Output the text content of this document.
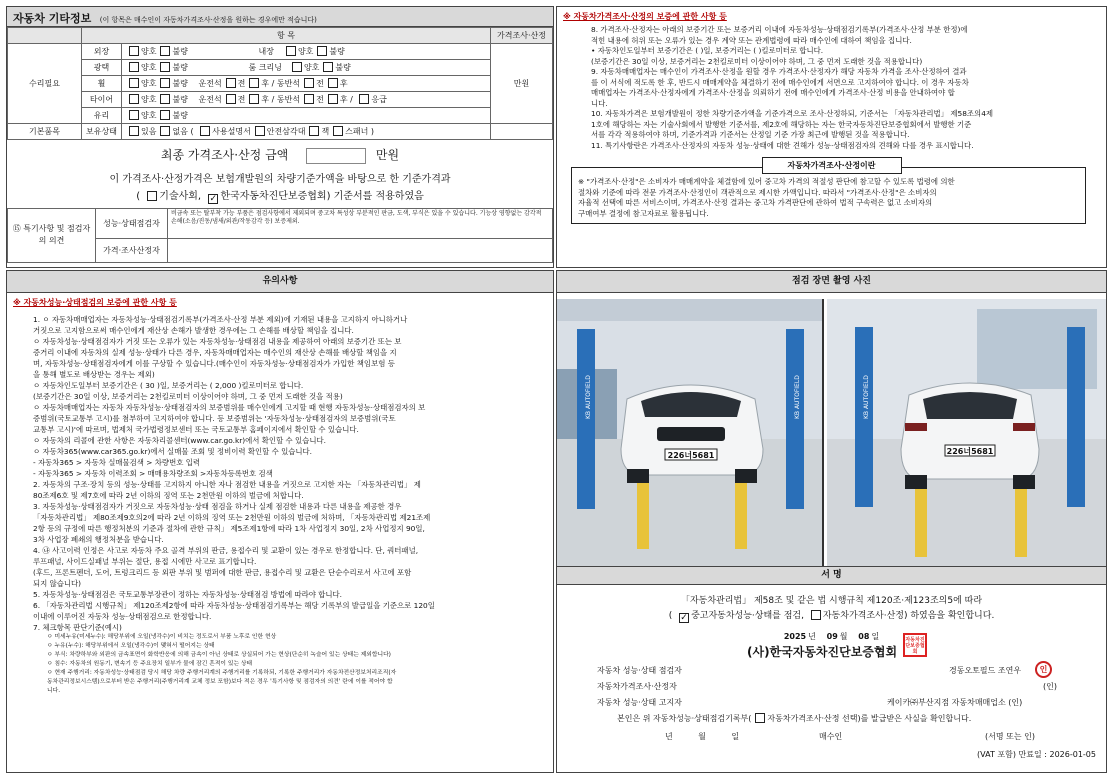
자동차 기타정보 (이 항목은 매수인이 자동차가격조사·산정을 원하는 경우에만 적습니다)
	항 목		가격조사·산정
수리필요	외장	양호 불량 내장 양호 불량	만원
	광택	양호 불량 룸 크리닝 양호 불량	
	휠	양호 불량 운전석 전 후 / 동반석 전 후	
	타이어	양호 불량 운전석 전 후 / 동반석 전 후 / 응급	
	유리	양호 불량	

기본품목	보유상태	있음 없음 ( 사용설명서 안전삼각대 잭 스패너 )	
최종 가격조사·산정 금액	만원
이 가격조사·산정가격은 보험개발원의 차량기준가액을 바탕으로 한 기준가격과
( 기술사회, ✓ 한국자동차진단보증협회) 기준서를 적용하였음
⑮ 특기사항 및 점검자의 의견	성능·상태점검자	비금속 또는 탈부착 가능 부품은 점검사항에서 제외되며 중고차 특성상 부분적인 판금, 도색, 부식은 있을 수 있습니다. 기능상 영향없는 감각적 손해(소음/진동/냄새/외관/작동감각 등) 보증제외.
	가격·조사산정자	
※ 자동차가격조사·산정의 보증에 관한 사항 등

8. 가격조사·산정자는 아래의 보증기간 또는 보증거리 이내에 자동차성능·상태점검기록부(가격조사·산정 부분 한정)에

적힌 내용에 허위 또는 오류가 있는 경우 계약 또는 관계법령에 따라 매수인에 대하여 책임을 집니다.

• 자동차인도일부터 보증기간은 ( )일, 보증거리는 ( )킬로미터로 합니다.

(보증기간은 30일 이상, 보증거리는 2천킬로미터 이상이어야 하며, 그 중 먼저 도래한 것을 적용합니다)

9. 자동차매매업자는 매수인이 가격조사·산정을 원할 경우 가격조사·산정자가 해당 자동차 가격을 조사·산정하여 결과

를 이 서식에 적도록 한 후, 반드시 매매계약을 체결하기 전에 매수인에게 서면으로 고지하여야 합니다. 이 경우 자동차

매매업자는 가격조사·산정자에게 가격조사·산정을 의뢰하기 전에 매수인에게 가격조사·산정 비용을 안내하여야 합

니다.

10. 자동차가격은 보험개발원이 정한 차량기준가액을 기준가격으로 조사·산정하되, 기준서는 「자동차관리법」 제58조의4제

1호에 해당하는 자는 기술사회에서 발행한 기준서를, 제2호에 해당하는 자는 한국자동차진단보증협회에서 발행한 기준

서를 각각 적용하여야 하며, 기준가격과 기준서는 산정일 기준 가장 최근에 발행된 것을 적용합니다.

11. 특기사항란은 가격조사·산정자의 자동차 성능·상태에 대한 견해가 성능·상태점검자의 견해와 다를 경우 표시합니다.

자동차가격조사·산정이란

※ "가격조사·산정"은 소비자가 매매계약을 체결함에 있어 중고차 가격의 적절성 판단에 참고할 수 있도록 법령에 의한

절차와 기준에 따라 전문 가격조사·산정인이 객관적으로 제시한 가액입니다. 따라서 "가격조사·산정"은 소비자의

자율적 선택에 따른 서비스이며, 가격조사·산정 결과는 중고차 가격판단에 관하여 법적 구속력은 없고 소비자의

구매여부 결정에 참고자료로 활용됩니다.

유의사항
※ 자동차성능·상태점검의 보증에 관한 사항 등

1. ㅇ 자동차매매업자는 자동차성능·상태점검기록부(가격조사·산정 부분 제외)에 기재된 내용을 고지하지 아니하거나

거짓으로 고지함으로써 매수인에게 재산상 손해가 발생한 경우에는 그 손해를 배상할 책임을 집니다.

ㅇ 자동차성능·상태점검자가 거짓 또는 오류가 있는 자동차성능·상태점검 내용을 제공하여 아래의 보증기간 또는 보

증거리 이내에 자동차의 실제 성능·상태가 다른 경우, 자동차매매업자는 매수인의 재산상 손해를 배상할 책임을 지

며, 자동차성능·상태점검자에게 이를 구상할 수 있습니다.(매수인이 자동차성능·상태점검자가 가입한 책임보험 등

을 통해 별도로 배상받는 경우는 제외)

ㅇ 자동차인도일부터 보증기간은 ( 30 )일, 보증거리는 ( 2,000 )킬로미터로 합니다.

(보증기간은 30일 이상, 보증거리는 2천킬로미터 이상이어야 하며, 그 중 먼저 도래한 것을 적용)

ㅇ 자동차매매업자는 자동차 자동차성능·상태점검자의 보증범위를 매수인에게 고지할 때 현행 자동차성능·상태점검자의 보

증범위(국토교통부 고시)를 첨부하여 고지하여야 합니다. 등 보증범위는 '자동차성능·상태점검자의 보증범위(국토

교통부 고시)'에 따르며, 법제처 국가법령정보센터 또는 국토교통부 홈페이지에서 확인할 수 있습니다.

ㅇ 자동차의 리콜에 관한 사항은 자동차리콜센터(www.car.go.kr)에서 확인할 수 있습니다.

ㅇ 자동차365(www.car365.go.kr)에서 실매물 조회 및 정비이력 확인할 수 있습니다.

- 자동차365 > 자동차 실매물검색 > 차량번호 입력

- 자동차365 > 자동차 이력조회 > 매매용차량조회 >자동차등록번호 검색

2. 자동차의 구조·장치 등의 성능·상태를 고지하지 아니한 자나 점검한 내용을 거짓으로 고지한 자는 「자동차관리법」 제

80조제6호 및 제7호에 따라 2년 이하의 징역 또는 2천만원 이하의 벌금에 처합니다.

3. 자동차성능·상태점검자가 거짓으로 자동차성능·상태 점검을 하거나 실제 점검한 내용과 다른 내용을 제공한 경우

「자동차관리법」 제80조제9호의2에 따라 2년 이하의 징역 또는 2천만원 이하의 벌금에 처하며, 「자동차관리법 제21조제

2항 등의 규정에 따른 행정처분의 기준과 절차에 관한 규칙」 제5조제1항에 따라 1차 사업정지 30일, 2차 사업정지 90일,

3차 사업장 폐쇄의 행정처분을 받습니다.

4. ㉯ 사고이력 인정은 사고로 자동차 주요 골격 부위의 판금, 용접수리 및 교환이 있는 경우로 한정합니다. 단, 쿼터패널,

루프패널, 사이드실패널 부위는 절단, 용접 시에만 사고로 표기합니다.

(후드, 프론트펜더, 도어, 트렁크리드 등 외판 부위 및 범퍼에 대한 판금, 용접수리 및 교환은 단순수리로서 사고에 포함

되지 않습니다)

5. 자동차성능·상태점검은 국토교통부장관이 정하는 자동차성능·상태점검 방법에 따라야 합니다.

6. 「자동차관리법 시행규칙」 제120조제2항에 따라 자동차성능·상태점검기록부는 해당 기록부의 발급일을 기준으로 120일

이내에 이루어진 자동차 성능·상태점검으로 한정합니다.

7. 체크항목 판단기준(예시)

ㅇ 미세누유(미세누수): 해당부위에 오일(냉각수)이 비치는 정도로서 부품 노후로 인한 현상

ㅇ 누유(누수): 해당부위에서 오일(냉각수)이 맺혀서 떨어지는 상태

ㅇ 부식: 차량하부와 외판의 금속표면이 화학반응에 의해 금속이 아닌 상태로 상실되어 가는 현상(단순히 녹슬어 있는 상태는 제외합니다)

ㅇ 침수: 자동차의 원동기, 변속기 등 주요장치 일부가 물에 잠긴 흔적이 있는 상태

ㅇ 현재 주행거리: 자동차성능·상태점검 당시 해당 차량 주행거리계의 주행거리를 기록하되, 기록한 주행거리가 자동차전산정보처리조직(자

동차관리정보시스템)으로부터 받은 주행거리(주행거리계 교체 정보 포함)보다 적은 경우 '특기사항 및 점검자의 의견' 란에 이를 적어야 합

니다.

점검 장면 촬영 사진
KB AUTOFIELD	KB AUTOFIELD
226너5681
KB AUTOFIELD
226너5681
서 명
「자동차관리법」 제58조 및 같은 법 시행규칙 제120조·제123조의5에 따라
( ✓ 중고자동차성능·상태를 점검, 자동차가격조사·산정) 하였음을 확인합니다.
2025 년 09 월 08 일
(사)한국자동차진단보증협회
자동차진단보증협회
자동차 성능·상태 점검자	경동오토필드 조연우	인
자동차가격조사·산정자	(인)
자동차 성능·상태 고지자	케이카㈜부산지점 자동차매매업소 (인)
본인은 위 자동차성능·상태점검기록부( 자동차가격조사·산정 선택)를 발급받은 사실을 확인합니다.
년          월          일	매수인	(서명 또는 인)
(VAT 포함) 만료일 : 2026-01-05
